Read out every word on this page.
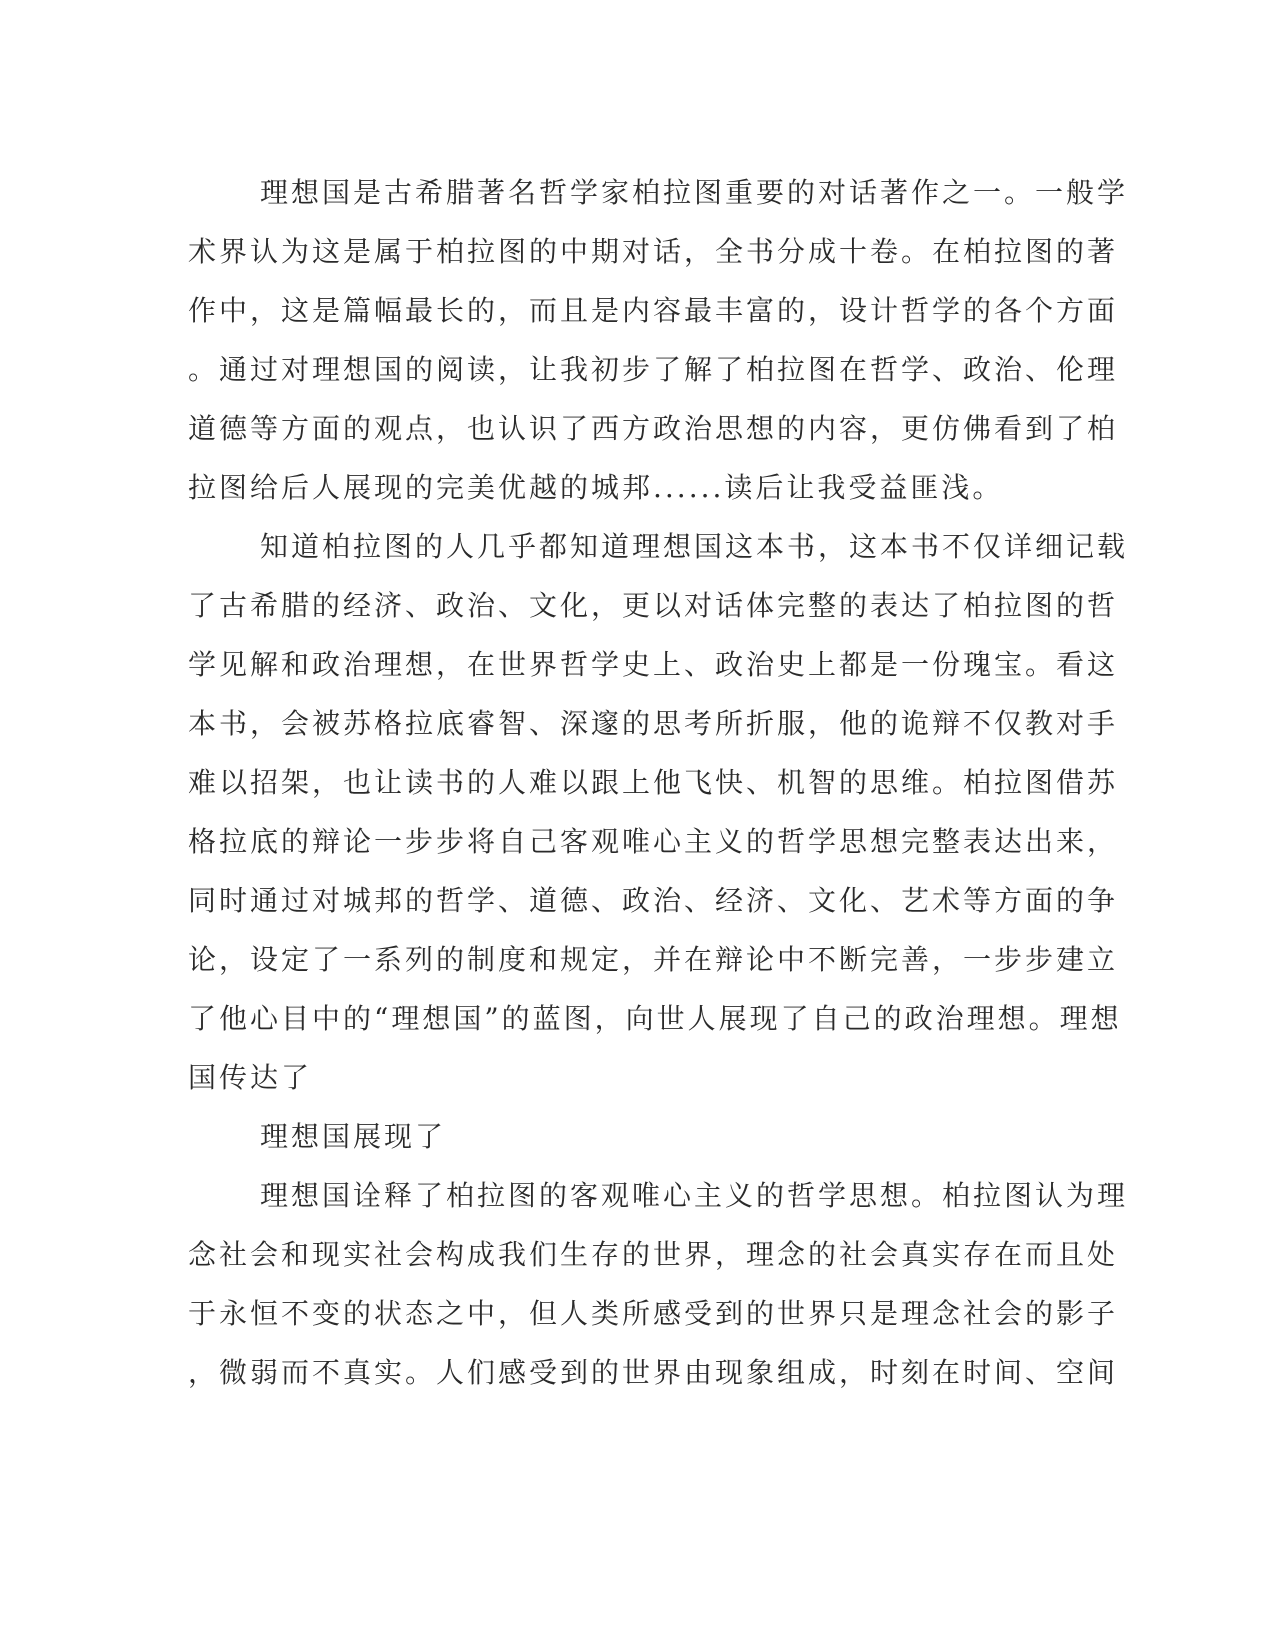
理想国是古希腊著名哲学家柏拉图重要的对话著作之一。一般学
术界认为这是属于柏拉图的中期对话，全书分成十卷。在柏拉图的著
作中，这是篇幅最长的，而且是内容最丰富的，设计哲学的各个方面
。通过对理想国的阅读，让我初步了解了柏拉图在哲学、政治、伦理
道德等方面的观点，也认识了西方政治思想的内容，更仿佛看到了柏
拉图给后人展现的完美优越的城邦......读后让我受益匪浅。

知道柏拉图的人几乎都知道理想国这本书，这本书不仅详细记载
了古希腊的经济、政治、文化，更以对话体完整的表达了柏拉图的哲
学见解和政治理想，在世界哲学史上、政治史上都是一份瑰宝。看这
本书，会被苏格拉底睿智、深邃的思考所折服，他的诡辩不仅教对手
难以招架，也让读书的人难以跟上他飞快、机智的思维。柏拉图借苏
格拉底的辩论一步步将自己客观唯心主义的哲学思想完整表达出来，
同时通过对城邦的哲学、道德、政治、经济、文化、艺术等方面的争
论，设定了一系列的制度和规定，并在辩论中不断完善，一步步建立
了他心目中的“理想国”的蓝图，向世人展现了自己的政治理想。理想
国传达了

理想国展现了

理想国诠释了柏拉图的客观唯心主义的哲学思想。柏拉图认为理
念社会和现实社会构成我们生存的世界，理念的社会真实存在而且处
于永恒不变的状态之中，但人类所感受到的世界只是理念社会的影子
，微弱而不真实。人们感受到的世界由现象组成，时刻在时间、空间
